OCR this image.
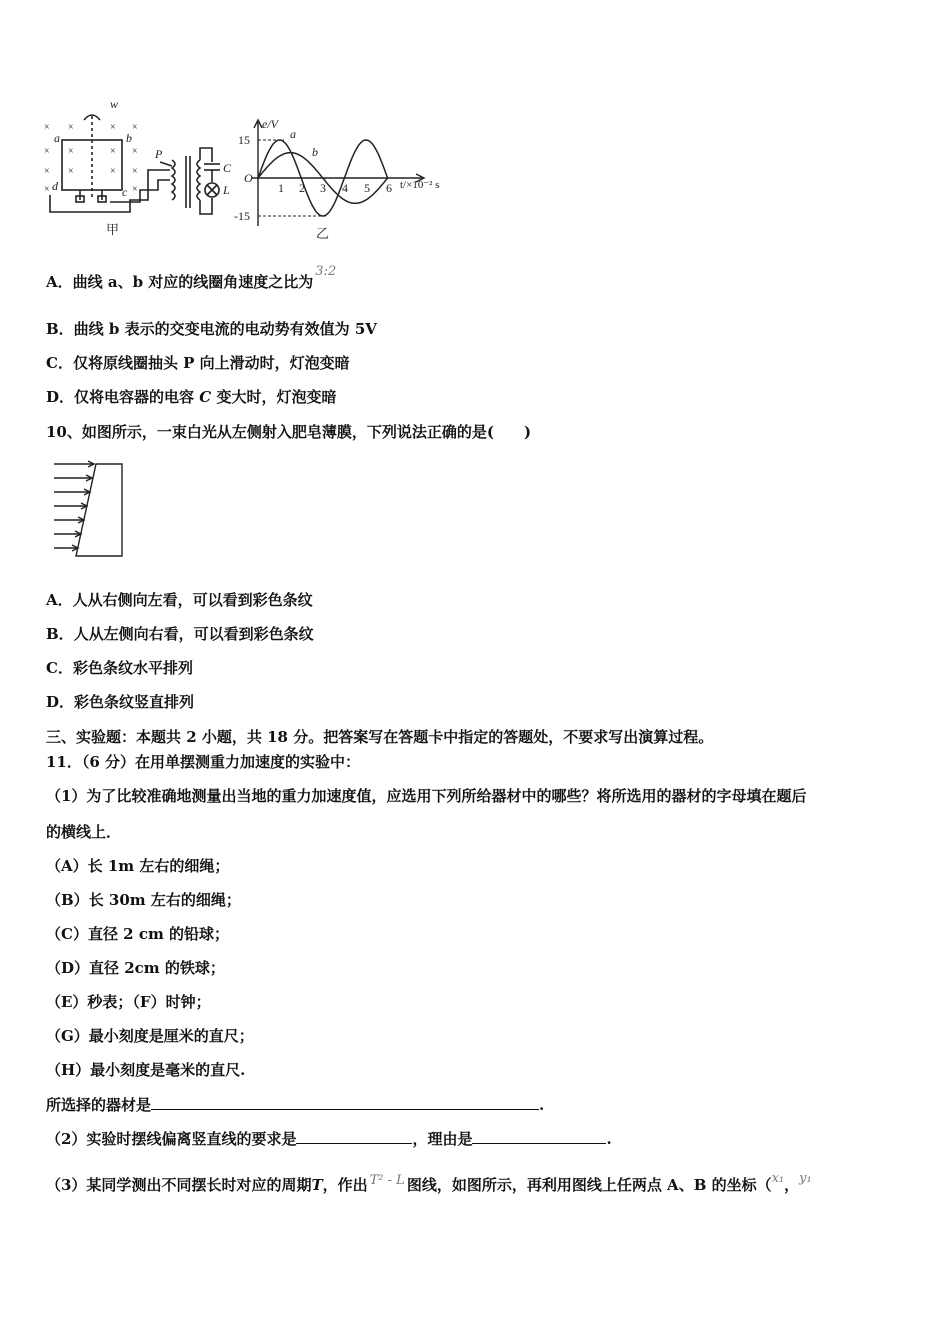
w
a	b
c
d
P
C
L
甲
× ×	× ×
× ×	× ×
× ×	× ×
×	×
e/V
t/×10⁻² s
O
15
-15
1 2 3 4 5 6
a
b
乙
A．曲线 a、b 对应的线圈角速度之比为3:2
B．曲线 b 表示的交变电流的电动势有效值为 5V
C．仅将原线圈抽头 P 向上滑动时，灯泡变暗
D．仅将电容器的电容 C 变大时，灯泡变暗
10、如图所示，一束白光从左侧射入肥皂薄膜，下列说法正确的是(　　)
A．人从右侧向左看，可以看到彩色条纹
B．人从左侧向右看，可以看到彩色条纹
C．彩色条纹水平排列
D．彩色条纹竖直排列
三、实验题：本题共 2 小题，共 18 分。把答案写在答题卡中指定的答题处，不要求写出演算过程。
11．（6 分）在用单摆测重力加速度的实验中：
（1）为了比较准确地测量出当地的重力加速度值，应选用下列所给器材中的哪些？将所选用的器材的字母填在题后
的横线上．
（A）长 1m 左右的细绳；
（B）长 30m 左右的细绳；
（C）直径 2 cm 的铅球；
（D）直径 2cm 的铁球；
（E）秒表；（F）时钟；
（G）最小刻度是厘米的直尺；
（H）最小刻度是毫米的直尺.
所选择的器材是	.
（2）实验时摆线偏离竖直线的要求是	，理由是	.
（3）某同学测出不同摆长时对应的周期T，作出 T² - L 图线，如图所示，再利用图线上任两点 A、B 的坐标（x₁，y₁
